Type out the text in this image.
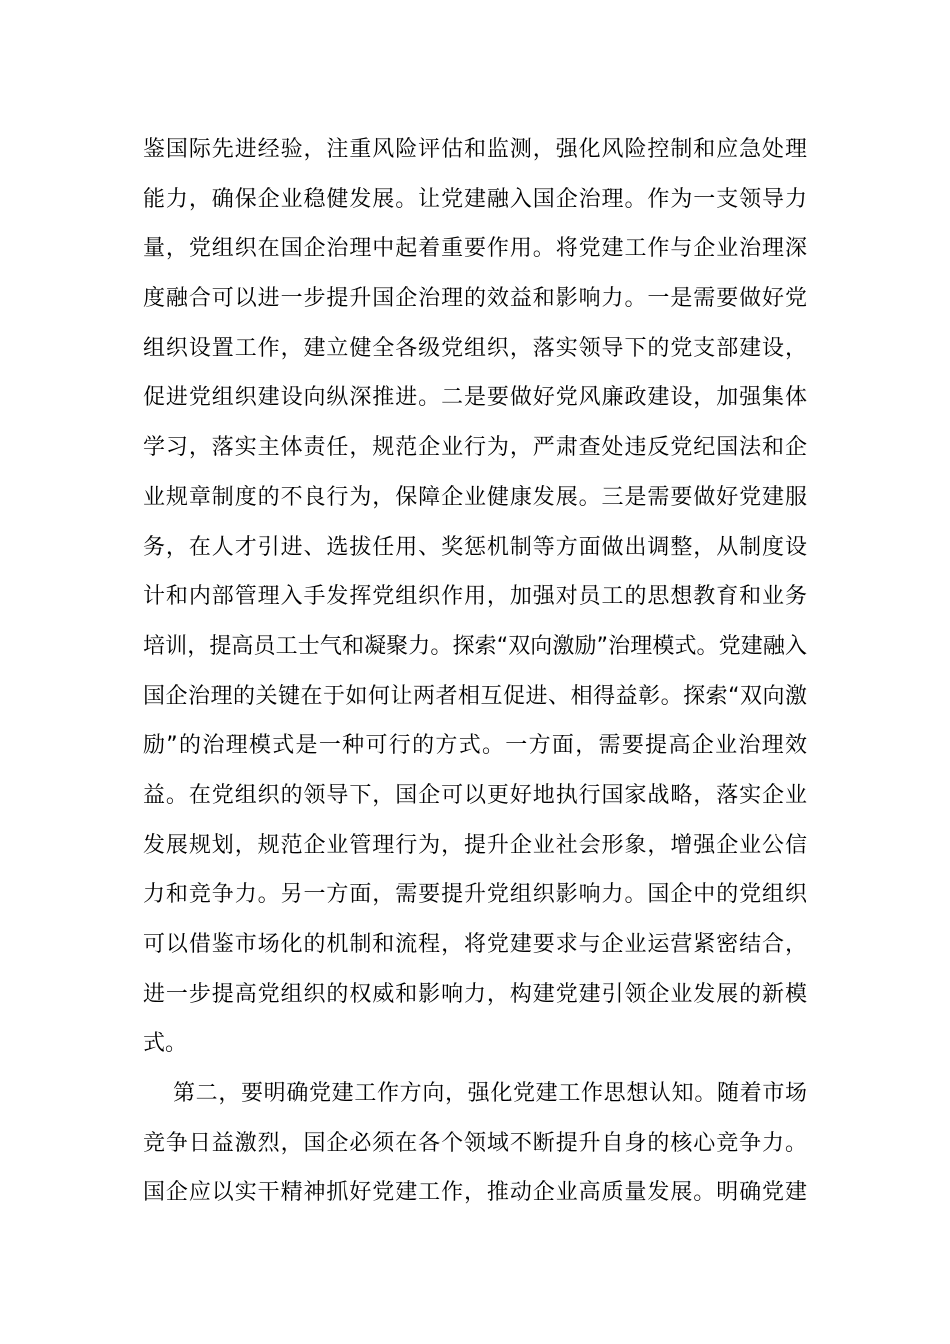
鉴国际先进经验，注重风险评估和监测，强化风险控制和应急处理
能力，确保企业稳健发展。让党建融入国企治理。作为一支领导力
量，党组织在国企治理中起着重要作用。将党建工作与企业治理深
度融合可以进一步提升国企治理的效益和影响力。一是需要做好党
组织设置工作，建立健全各级党组织，落实领导下的党支部建设，
促进党组织建设向纵深推进。二是要做好党风廉政建设，加强集体
学习，落实主体责任，规范企业行为，严肃查处违反党纪国法和企
业规章制度的不良行为，保障企业健康发展。三是需要做好党建服
务，在人才引进、选拔任用、奖惩机制等方面做出调整，从制度设
计和内部管理入手发挥党组织作用，加强对员工的思想教育和业务
培训，提高员工士气和凝聚力。探索“双向激励”治理模式。党建融入
国企治理的关键在于如何让两者相互促进、相得益彰。探索“双向激
励”的治理模式是一种可行的方式。一方面，需要提高企业治理效
益。在党组织的领导下，国企可以更好地执行国家战略，落实企业
发展规划，规范企业管理行为，提升企业社会形象，增强企业公信
力和竞争力。另一方面，需要提升党组织影响力。国企中的党组织
可以借鉴市场化的机制和流程，将党建要求与企业运营紧密结合，
进一步提高党组织的权威和影响力，构建党建引领企业发展的新模
式。
第二，要明确党建工作方向，强化党建工作思想认知。随着市场
竞争日益激烈，国企必须在各个领域不断提升自身的核心竞争力。
国企应以实干精神抓好党建工作，推动企业高质量发展。明确党建
